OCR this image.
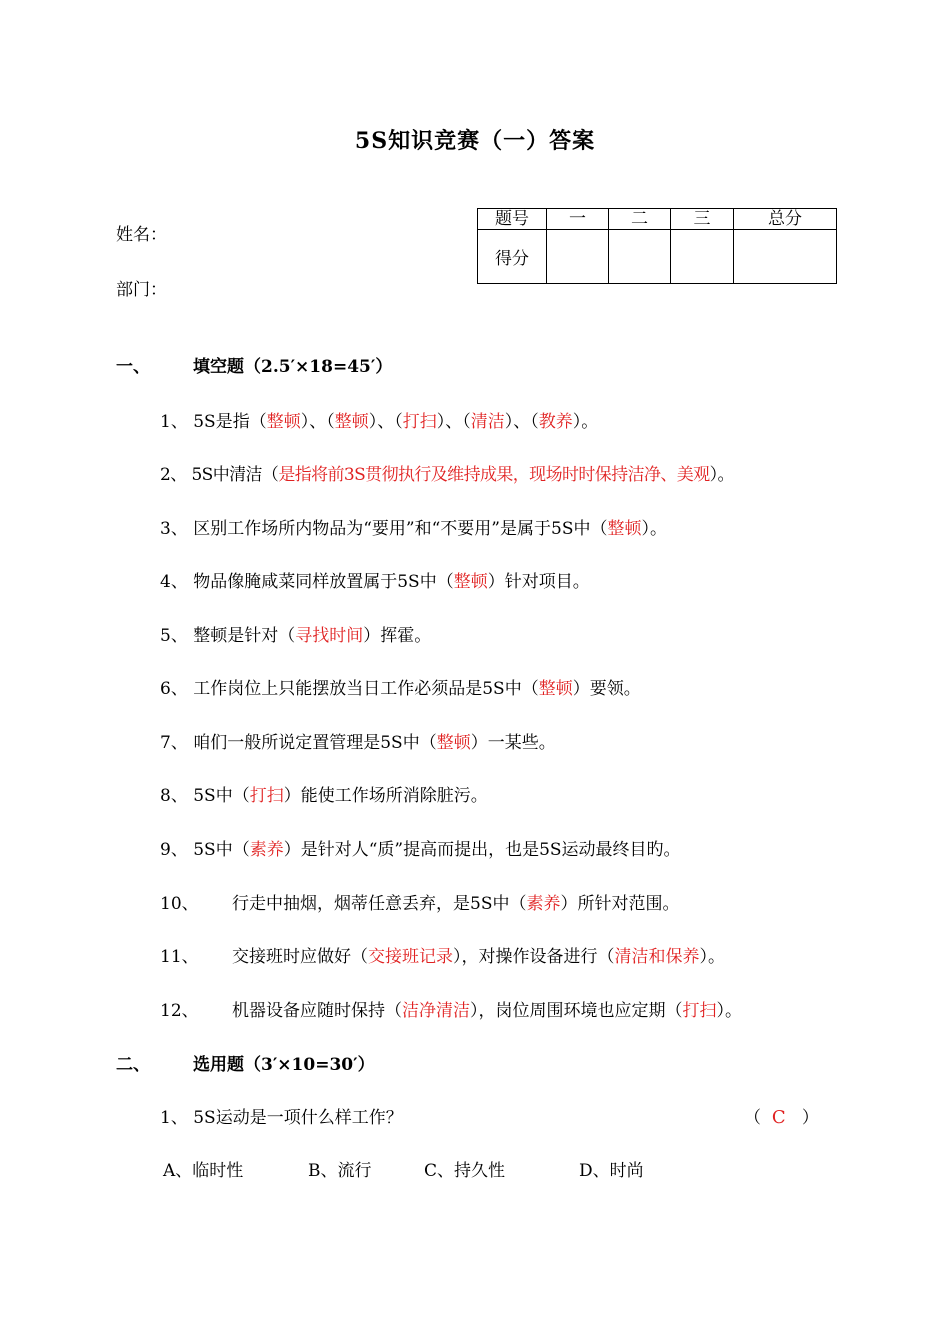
5S知识竞赛（一）答案
姓名：
部门：
题号	一	二	三	总分
得分				
一、	填空题（2.5′×18=45′）
1、 5S是指（整顿）、（整顿）、（打扫）、（清洁）、（教养）。
2、 5S中清洁（是指将前3S贯彻执行及维持成果，现场时时保持洁净、美观）。
3、 区别工作场所内物品为“要用”和“不要用”是属于5S中（整顿）。
4、 物品像腌咸菜同样放置属于5S中（整顿）针对项目。
5、 整顿是针对（寻找时间）挥霍。
6、 工作岗位上只能摆放当日工作必须品是5S中（整顿）要领。
7、 咱们一般所说定置管理是5S中（整顿）一某些。
8、 5S中（打扫）能使工作场所消除脏污。
9、 5S中（素养）是针对人“质”提高而提出，也是5S运动最终目旳。
10、 行走中抽烟，烟蒂任意丢弃，是5S中（素养）所针对范围。
11、 交接班时应做好（交接班记录），对操作设备进行（清洁和保养）。
12、 机器设备应随时保持（洁净清洁），岗位周围环境也应定期（打扫）。
二、	选用题（3′×10=30′）
1、 5S运动是一项什么样工作？	（ C ）
A、临时性	B、流行	C、持久性	D、时尚
